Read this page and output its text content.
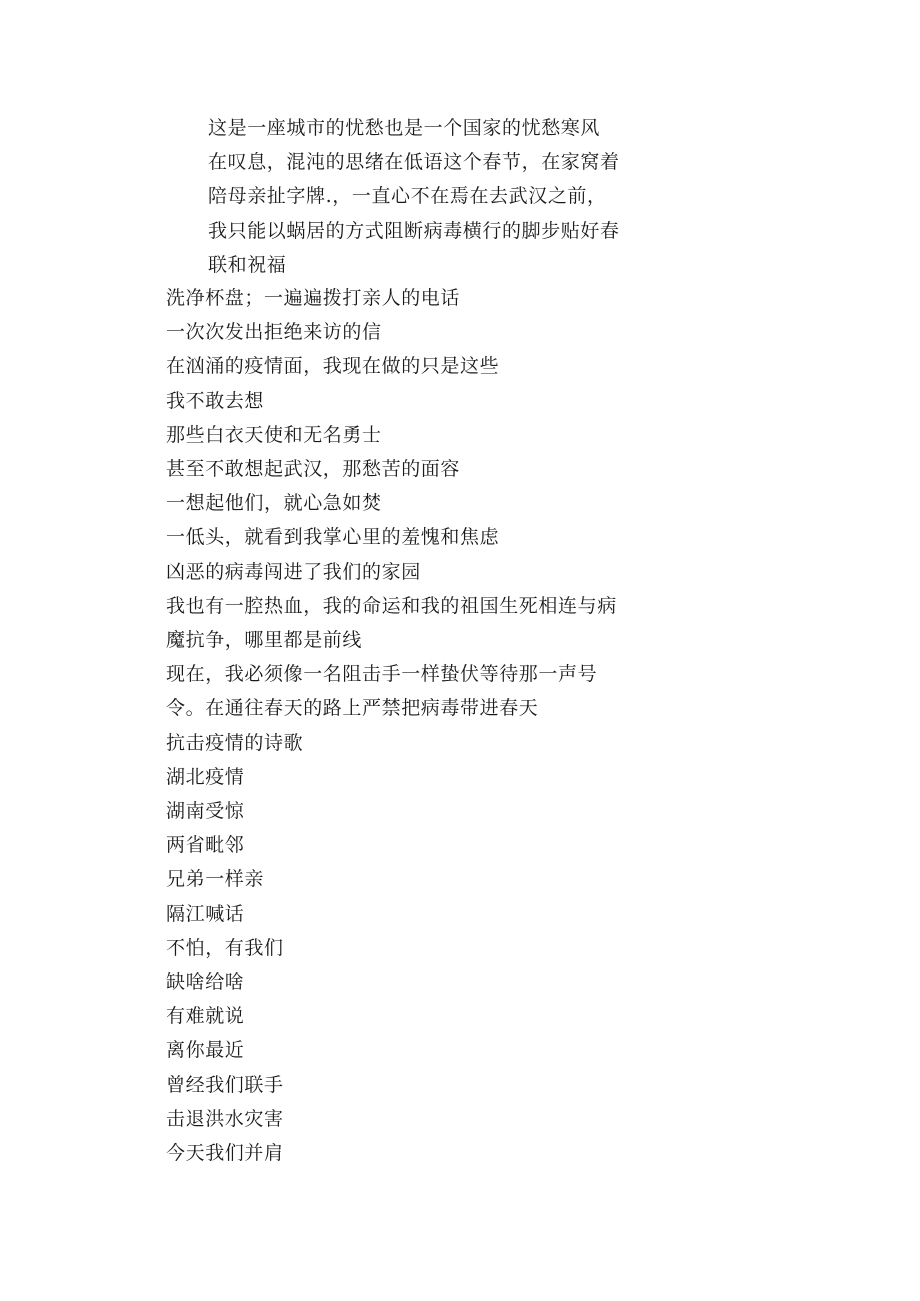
这是一座城市的忧愁也是一个国家的忧愁寒风

在叹息，混沌的思绪在低语这个春节，在家窝着

陪母亲扯字牌.，一直心不在焉在去武汉之前，

我只能以蜗居的方式阻断病毒横行的脚步贴好春

联和祝福

洗净杯盘；一遍遍拨打亲人的电话

一次次发出拒绝来访的信

在汹涌的疫情面，我现在做的只是这些

我不敢去想

那些白衣天使和无名勇士

甚至不敢想起武汉，那愁苦的面容

一想起他们，就心急如焚

一低头，就看到我掌心里的羞愧和焦虑

凶恶的病毒闯进了我们的家园

我也有一腔热血，我的命运和我的祖国生死相连与病

魔抗争，哪里都是前线

现在，我必须像一名阻击手一样蛰伏等待那一声号

令。在通往春天的路上严禁把病毒带进春天

抗击疫情的诗歌

湖北疫情

湖南受惊

两省毗邻

兄弟一样亲

隔江喊话

不怕，有我们

缺啥给啥

有难就说

离你最近

曾经我们联手

击退洪水灾害

今天我们并肩
